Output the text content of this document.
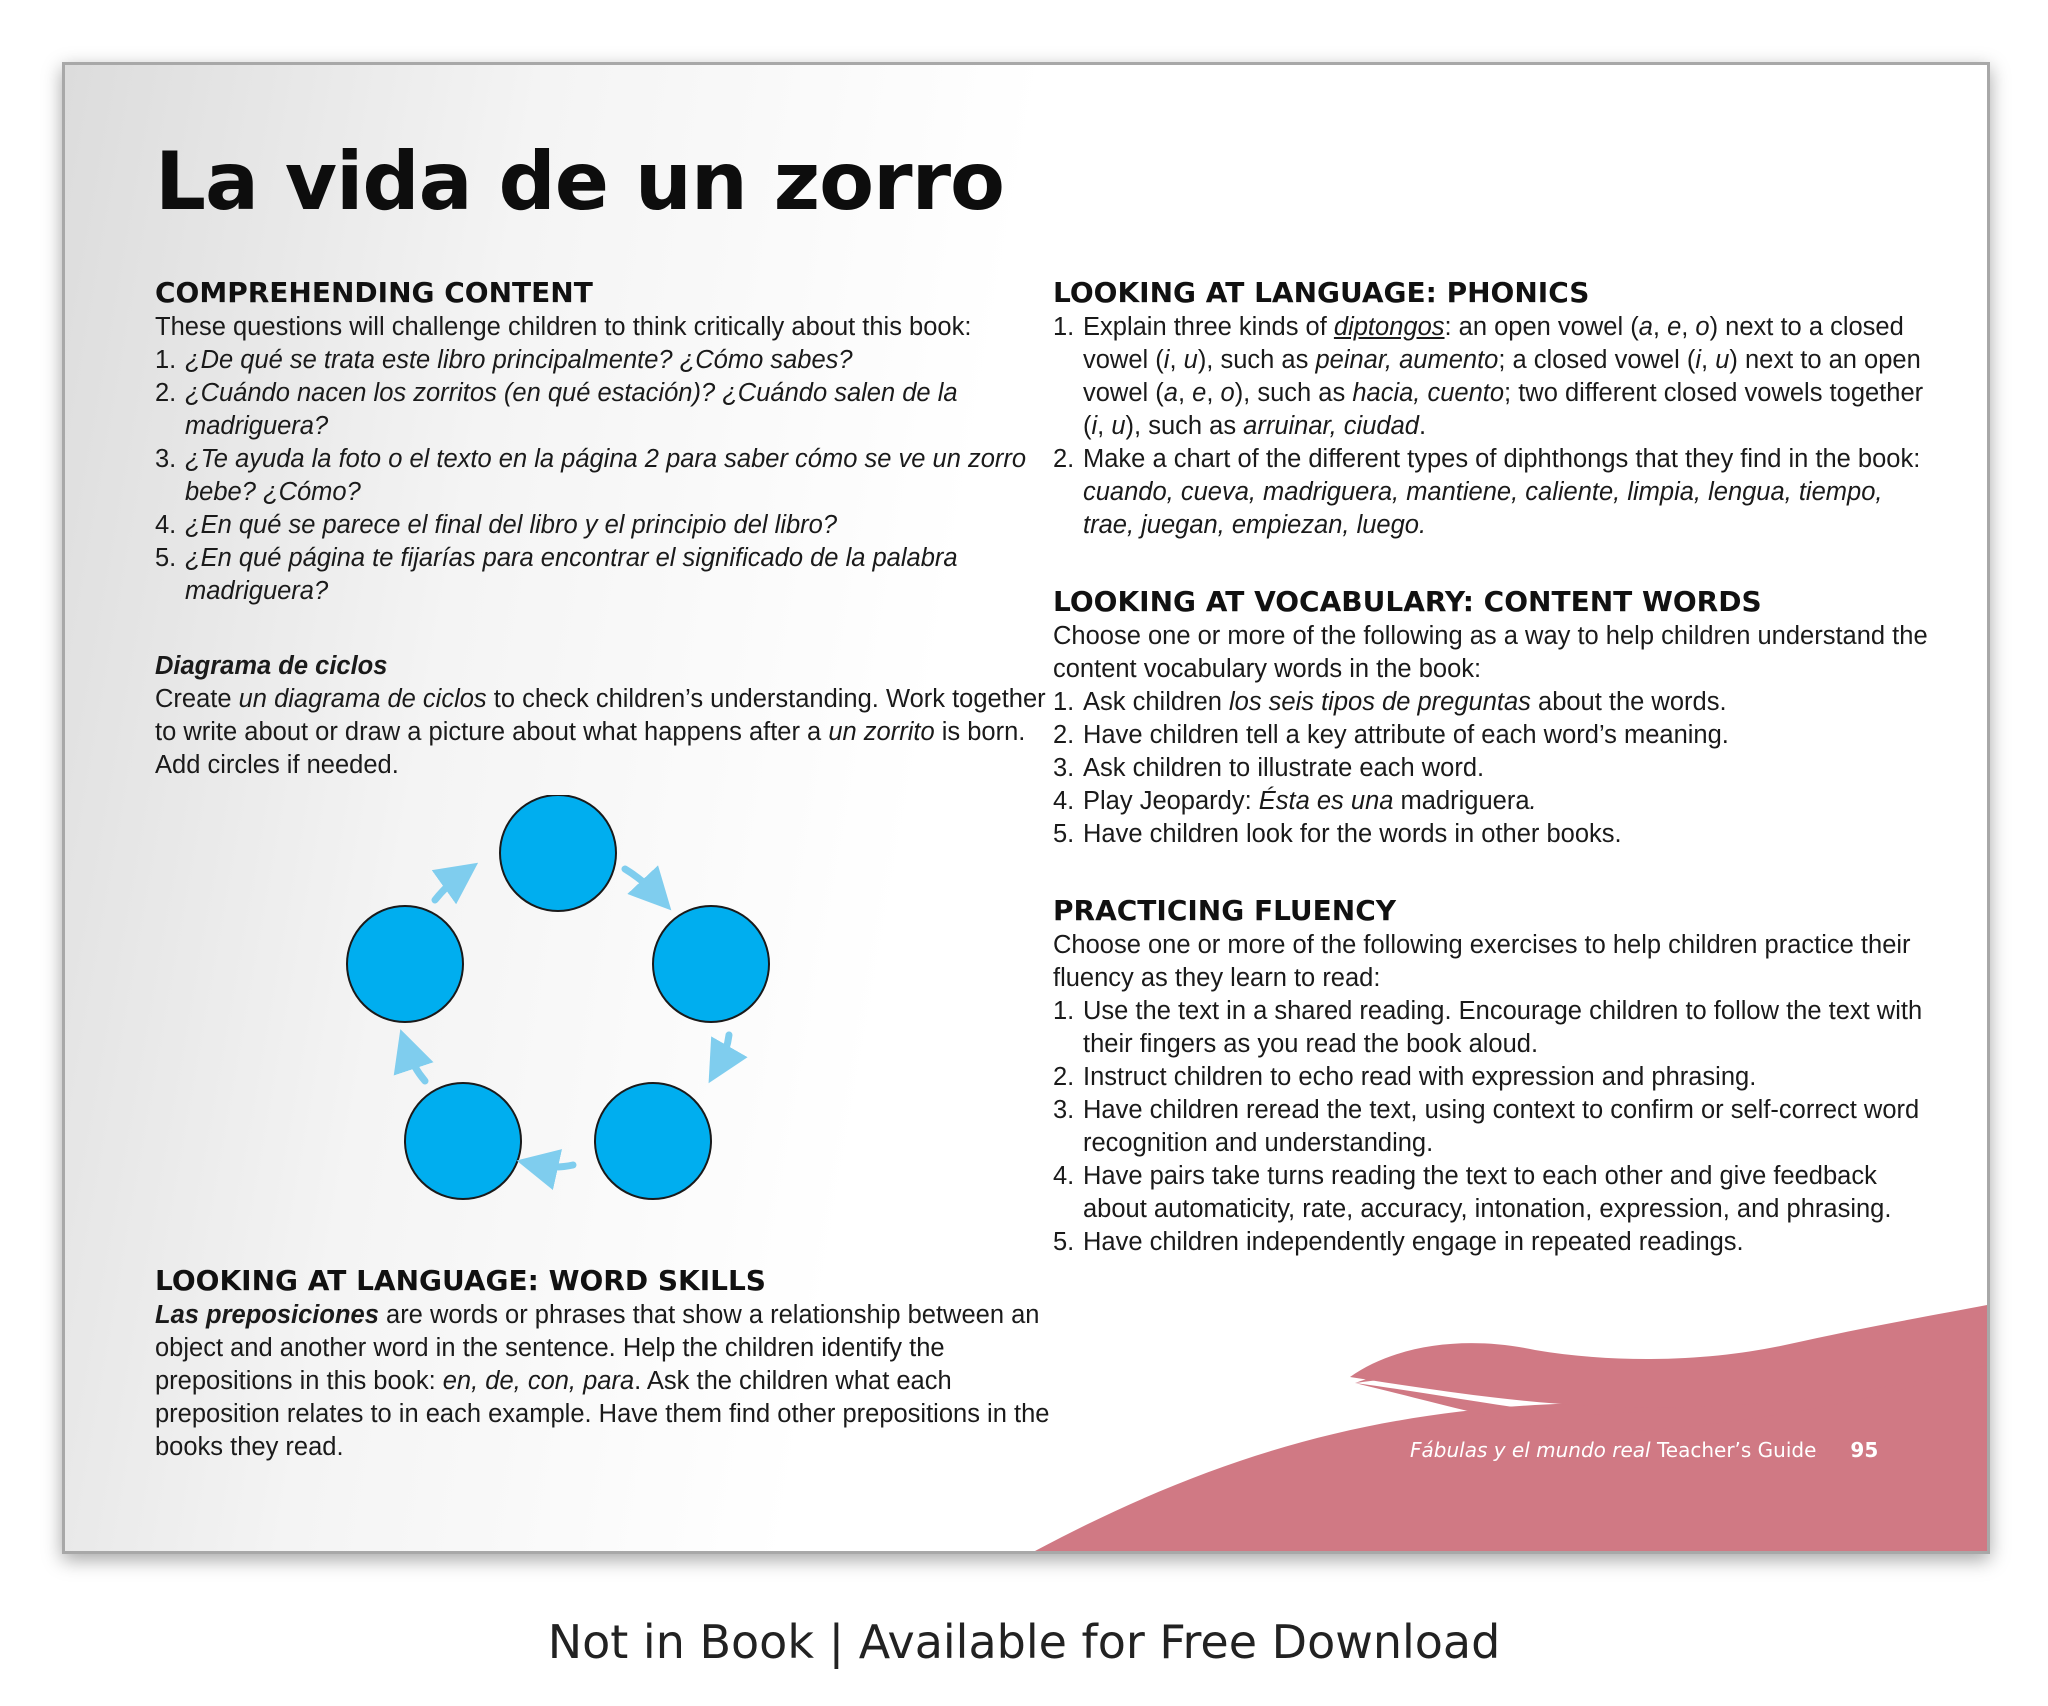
La vida de un zorro
COMPREHENDING CONTENT

These questions will challenge children to think critically about this book:

1. ¿De qué se trata este libro principalmente? ¿Cómo sabes?
2. ¿Cuándo nacen los zorritos (en qué estación)? ¿Cuándo salen de la madriguera?
3. ¿Te ayuda la foto o el texto en la página 2 para saber cómo se ve un zorro bebe? ¿Cómo?
4. ¿En qué se parece el final del libro y el principio del libro?
5. ¿En qué página te fijarías para encontrar el significado de la palabra madriguera?
Diagrama de ciclos

Create un diagrama de ciclos to check children’s understanding. Work together to write about or draw a picture about what happens after a un zorrito is born. Add circles if needed.

LOOKING AT LANGUAGE: WORD SKILLS

Las preposiciones are words or phrases that show a relationship between an object and another word in the sentence. Help the children identify the prepositions in this book: en, de, con, para. Ask the children what each preposition relates to in each example. Have them find other prepositions in the books they read.

LOOKING AT LANGUAGE: PHONICS
1. Explain three kinds of diptongos: an open vowel (a, e, o) next to a closed vowel (i, u), such as peinar, aumento; a closed vowel (i, u) next to an open vowel (a, e, o), such as hacia, cuento; two different closed vowels together (i, u), such as arruinar, ciudad.
2. Make a chart of the different types of diphthongs that they find in the book: cuando, cueva, madriguera, mantiene, caliente, limpia, lengua, tiempo, trae, juegan, empiezan, luego.
LOOKING AT VOCABULARY: CONTENT WORDS

Choose one or more of the following as a way to help children understand the content vocabulary words in the book:

1. Ask children los seis tipos de preguntas about the words.
2. Have children tell a key attribute of each word’s meaning.
3. Ask children to illustrate each word.
4. Play Jeopardy: Ésta es una madriguera.
5. Have children look for the words in other books.
PRACTICING FLUENCY

Choose one or more of the following exercises to help children practice their fluency as they learn to read:

1. Use the text in a shared reading. Encourage children to follow the text with their fingers as you read the book aloud.
2. Instruct children to echo read with expression and phrasing.
3. Have children reread the text, using context to confirm or self-correct word recognition and understanding.
4. Have pairs take turns reading the text to each other and give feedback about automaticity, rate, accuracy, intonation, expression, and phrasing.
5. Have children independently engage in repeated readings.
Fábulas y el mundo real Teacher’s Guide 95
Not in Book | Available for Free Download
